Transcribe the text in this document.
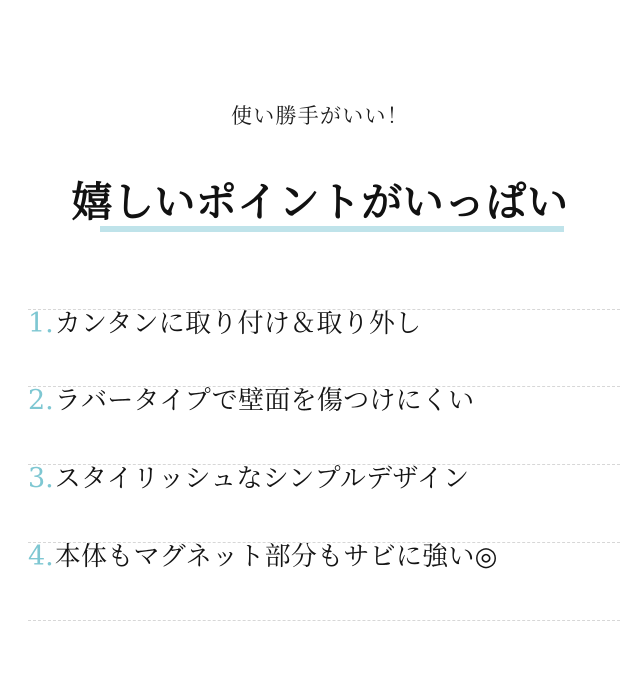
使い勝手がいい！
嬉しいポイントがいっぱい
1. カンタンに取り付け＆取り外し
2. ラバータイプで壁面を傷つけにくい
3. スタイリッシュなシンプルデザイン
4. 本体もマグネット部分もサビに強い◎
